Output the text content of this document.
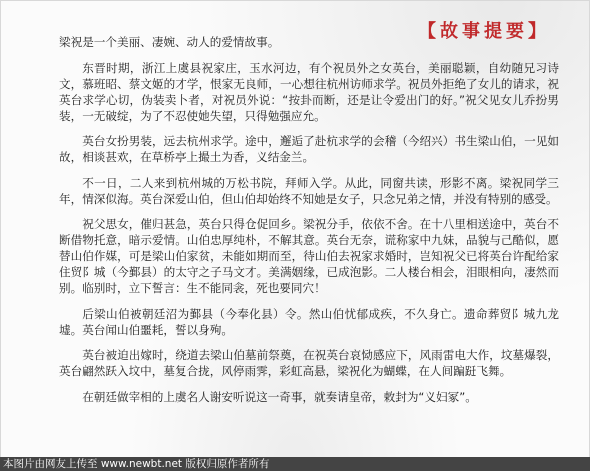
【故事提要】

梁祝是一个美丽、凄婉、动人的爱情故事。

东晋时期，浙江上虞县祝家庄，玉水河边，有个祝员外之女英台，美丽聪颖，自幼随兄习诗文，慕班昭、蔡文姬的才学，恨家无良师，一心想往杭州访师求学。祝员外拒绝了女儿的请求，祝英台求学心切，伪装卖卜者，对祝员外说：“按卦而断，还是让令爱出门的好。”祝父见女儿乔扮男装，一无破绽，为了不忍使她失望，只得勉强应允。

英台女扮男装，远去杭州求学。途中，邂逅了赴杭求学的会稽（今绍兴）书生梁山伯，一见如故，相谈甚欢，在草桥亭上撮土为香，义结金兰。

不一日，二人来到杭州城的万松书院，拜师入学。从此，同窗共读，形影不离。梁祝同学三年，情深似海。英台深爱山伯，但山伯却始终不知她是女子，只念兄弟之情，并没有特别的感受。

祝父思女，催归甚急，英台只得仓促回乡。梁祝分手，依依不舍。在十八里相送途中，英台不断借物托意，暗示爱情。山伯忠厚纯朴，不解其意。英台无奈，谎称家中九妹，品貌与己酷似，愿替山伯作媒，可是梁山伯家贫，未能如期而至，待山伯去祝家求婚时，岂知祝父已将英台许配给家住贸阝城（今鄞县）的太守之子马文才。美满姻缘，已成泡影。二人楼台相会，泪眼相向，凄然而别。临别时，立下誓言：生不能同衾，死也要同穴！

后梁山伯被朝廷沼为鄞县（今奉化县）令。然山伯忧郁成疾，不久身亡。遗命葬贸阝城九龙墟。英台闻山伯噩耗，誓以身殉。

英台被迫出嫁时，绕道去梁山伯墓前祭奠，在祝英台哀恸感应下，风雨雷电大作，坟墓爆裂，英台翩然跃入坟中，墓复合拢，风停雨霁，彩虹高悬，梁祝化为蝴蝶，在人间蹁跹飞舞。

在朝廷做宰相的上虞名人谢安听说这一奇事，就奏请皇帝，敕封为“义妇冢”。

本图片由网友上传至 www.newbt.net 版权归原作者所有
